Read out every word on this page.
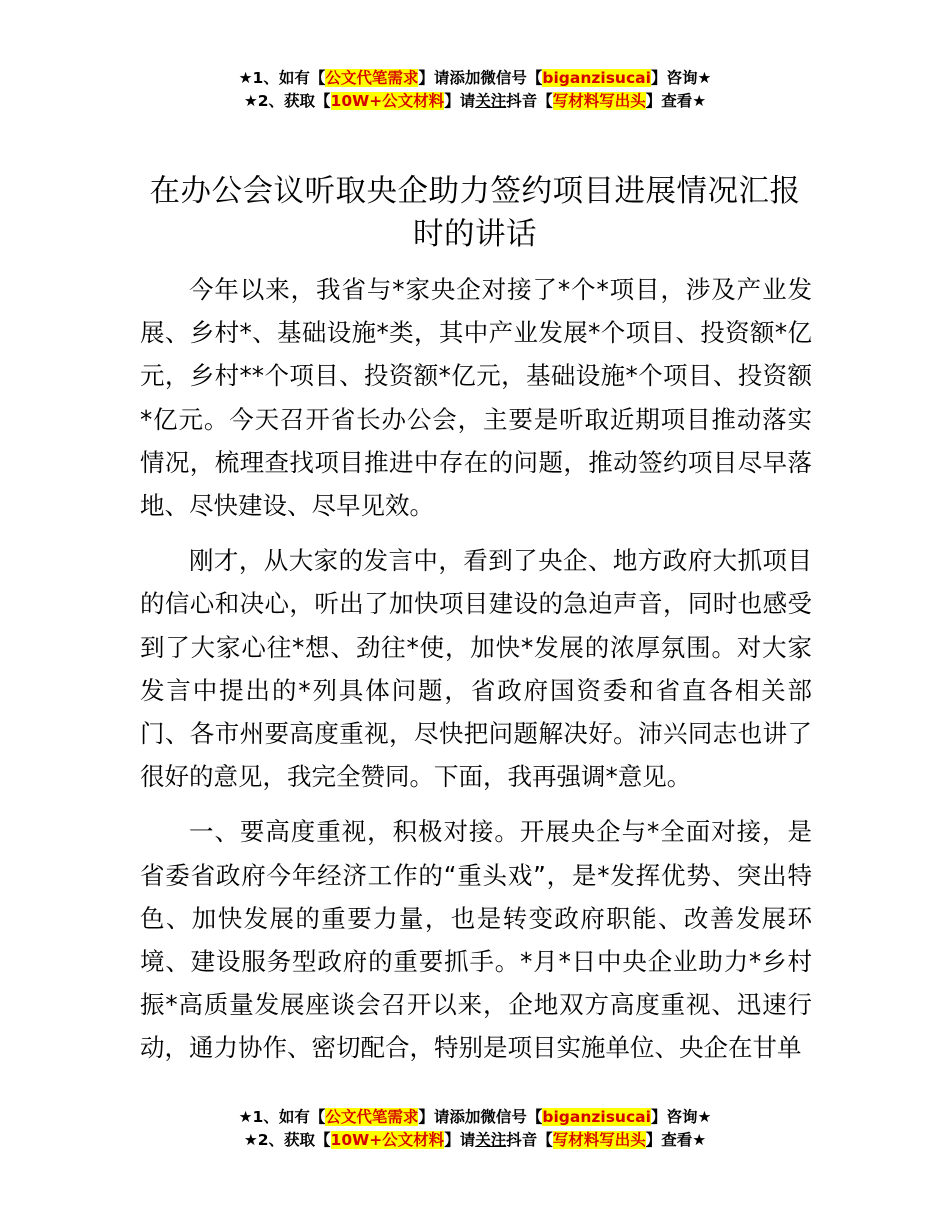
★1、如有【公文代笔需求】请添加微信号【biganzisucai】咨询★
★2、获取【10W+公文材料】请关注抖音【写材料写出头】查看★
在办公会议听取央企助力签约项目进展情况汇报时的讲话

今年以来，我省与*家央企对接了*个*项目，涉及产业发展、乡村*、基础设施*类，其中产业发展*个项目、投资额*亿元，乡村**个项目、投资额*亿元，基础设施*个项目、投资额*亿元。今天召开省长办公会，主要是听取近期项目推动落实情况，梳理查找项目推进中存在的问题，推动签约项目尽早落地、尽快建设、尽早见效。

刚才，从大家的发言中，看到了央企、地方政府大抓项目的信心和决心，听出了加快项目建设的急迫声音，同时也感受到了大家心往*想、劲往*使，加快*发展的浓厚氛围。对大家发言中提出的*列具体问题，省政府国资委和省直各相关部门、各市州要高度重视，尽快把问题解决好。沛兴同志也讲了很好的意见，我完全赞同。下面，我再强调*意见。

一、要高度重视，积极对接。开展央企与*全面对接，是省委省政府今年经济工作的“重头戏”，是*发挥优势、突出特色、加快发展的重要力量，也是转变政府职能、改善发展环境、建设服务型政府的重要抓手。*月*日中央企业助力*乡村振*高质量发展座谈会召开以来，企地双方高度重视、迅速行动，通力协作、密切配合，特别是项目实施单位、央企在甘单

★1、如有【公文代笔需求】请添加微信号【biganzisucai】咨询★
★2、获取【10W+公文材料】请关注抖音【写材料写出头】查看★
